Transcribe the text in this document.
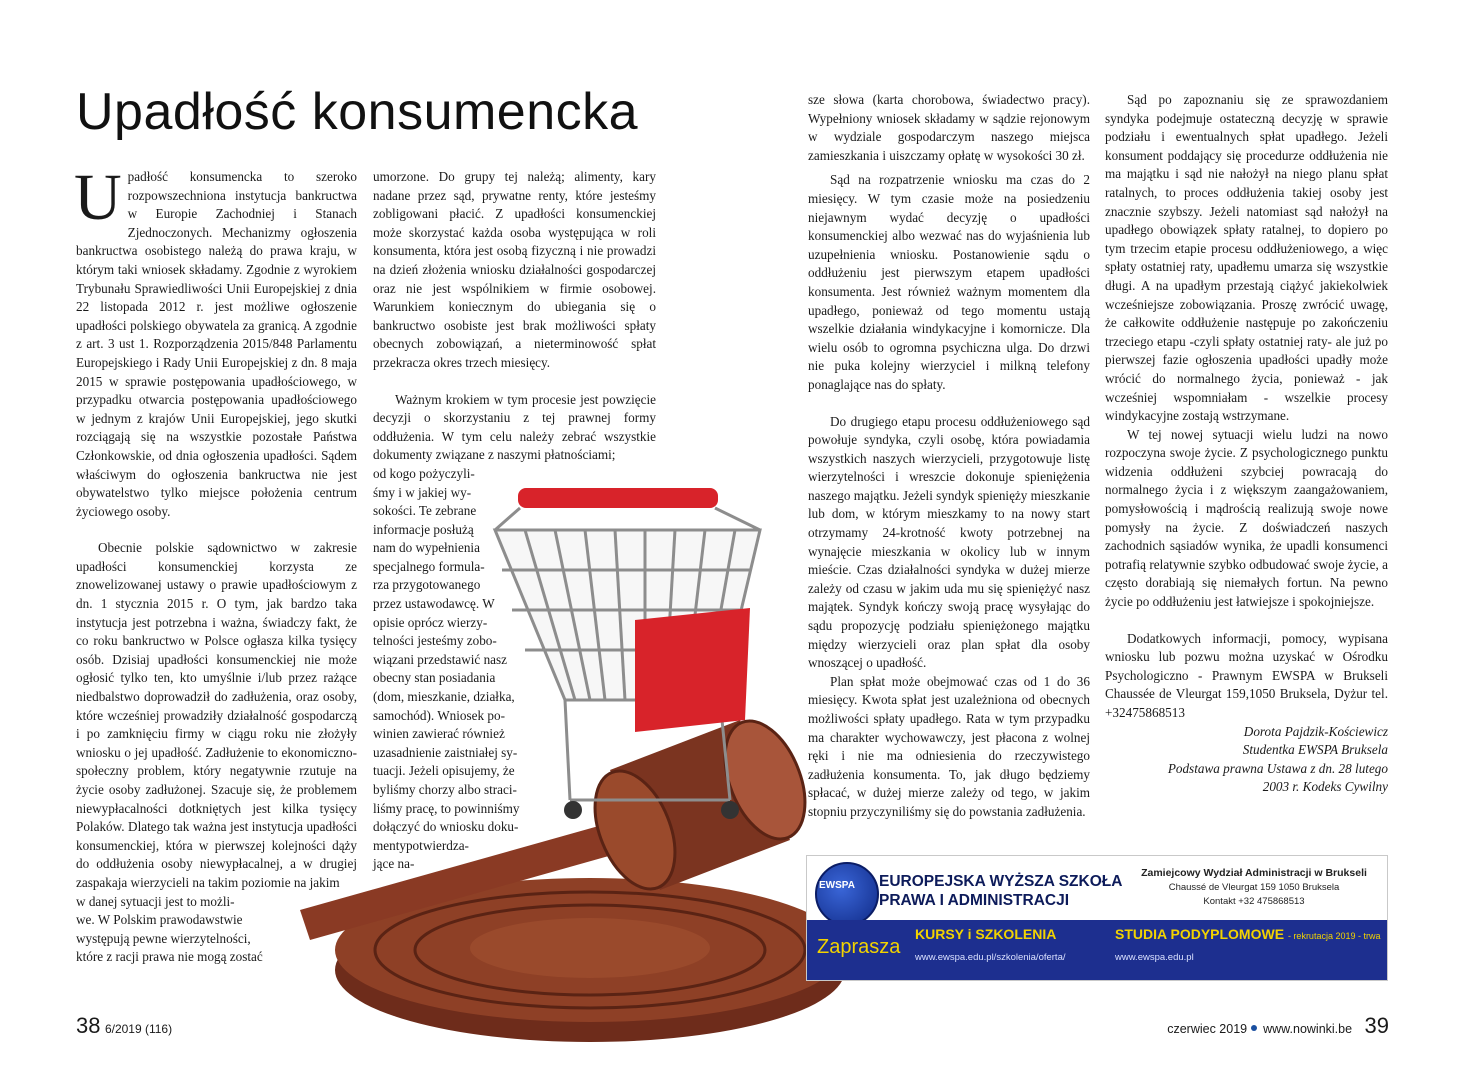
Upadłość konsumencka

Upadłość konsumencka to szeroko rozpowszechniona instytucja bankructwa w Europie Zachodniej i Stanach Zjednoczonych. Mechanizmy ogłoszenia bankructwa osobistego należą do prawa kraju, w którym taki wniosek składamy. Zgodnie z wyrokiem Trybunału Sprawiedliwości Unii Europejskiej z dnia 22 listopada 2012 r. jest możliwe ogłoszenie upadłości polskiego obywatela za granicą. A zgodnie z art. 3 ust 1. Rozporządzenia 2015/848 Parlamentu Europejskiego i Rady Unii Europejskiej z dn. 8 maja 2015 w sprawie postępowania upadłościowego, w przypadku otwarcia postępowania upadłościowego w jednym z krajów Unii Europejskiej, jego skutki rozciągają się na wszystkie pozostałe Państwa Członkowskie, od dnia ogłoszenia upadłości. Sądem właściwym do ogłoszenia bankructwa nie jest obywatelstwo tylko miejsce położenia centrum życiowego osoby.

Obecnie polskie sądownictwo w zakresie upadłości konsumenckiej korzysta ze znowelizowanej ustawy o prawie upadłościowym z dn. 1 stycznia 2015 r. O tym, jak bardzo taka instytucja jest potrzebna i ważna, świadczy fakt, że co roku bankructwo w Polsce ogłasza kilka tysięcy osób. Dzisiaj upadłości konsumenckiej nie może ogłosić tylko ten, kto umyślnie i/lub przez rażące niedbalstwo doprowadził do zadłużenia, oraz osoby, które wcześniej prowadziły działalność gospodarczą i po zamknięciu firmy w ciągu roku nie złożyły wniosku o jej upadłość. Zadłużenie to ekonomiczno-społeczny problem, który negatywnie rzutuje na życie osoby zadłużonej. Szacuje się, że problemem niewypłacalności dotkniętych jest kilka tysięcy Polaków. Dlatego tak ważna jest instytucja upadłości konsumenckiej, która w pierwszej kolejności dąży do oddłużenia osoby niewypłacalnej, a w drugiej zaspakaja wierzycieli na takim poziomie na jakim

w danej sytuacji jest to możli-
we. W Polskim prawodawstwie
występują pewne wierzytelności,
które z racji prawa nie mogą zostać

umorzone. Do grupy tej należą; alimenty, kary nadane przez sąd, prywatne renty, które jesteśmy zobligowani płacić. Z upadłości konsumenckiej może skorzystać każda osoba występująca w roli konsumenta, która jest osobą fizyczną i nie prowadzi na dzień złożenia wniosku działalności gospodarczej oraz nie jest wspólnikiem w firmie osobowej. Warunkiem koniecznym do ubiegania się o bankructwo osobiste jest brak możliwości spłaty obecnych zobowiązań, a nieterminowość spłat przekracza okres trzech miesięcy.

Ważnym krokiem w tym procesie jest powzięcie decyzji o skorzystaniu z tej prawnej formy oddłużenia. W tym celu należy zebrać wszystkie dokumenty związane z naszymi płatnościami;

od kogo pożyczyli-
śmy i w jakiej wy-
sokości. Te zebrane
informacje posłużą
nam do wypełnienia
specjalnego formula-
rza przygotowanego
przez ustawodawcę. W
opisie oprócz wierzy-
telności jesteśmy zobo-
wiązani przedstawić nasz
obecny stan posiadania
(dom, mieszkanie, działka,
samochód). Wniosek po-
winien zawierać również
uzasadnienie zaistniałej sy-
tuacji. Jeżeli opisujemy, że
byliśmy chorzy albo straci-
liśmy pracę, to powinniśmy
dołączyć do wniosku doku-
mentypotwierdza-
jące na-

sze słowa (karta chorobowa, świadectwo pracy). Wypełniony wniosek składamy w sądzie rejonowym w wydziale gospodarczym naszego miejsca zamieszkania i uiszczamy opłatę w wysokości 30 zł.

Sąd na rozpatrzenie wniosku ma czas do 2 miesięcy. W tym czasie może na posiedzeniu niejawnym wydać decyzję o upadłości konsumenckiej albo wezwać nas do wyjaśnienia lub uzupełnienia wniosku. Postanowienie sądu o oddłużeniu jest pierwszym etapem upadłości konsumenta. Jest również ważnym momentem dla upadłego, ponieważ od tego momentu ustają wszelkie działania windykacyjne i komornicze. Dla wielu osób to ogromna psychiczna ulga. Do drzwi nie puka kolejny wierzyciel i milkną telefony ponaglające nas do spłaty.

Do drugiego etapu procesu oddłużeniowego sąd powołuje syndyka, czyli osobę, która powiadamia wszystkich naszych wierzycieli, przygotowuje listę wierzytelności i wreszcie dokonuje spieniężenia naszego majątku. Jeżeli syndyk spienięży mieszkanie lub dom, w którym mieszkamy to na nowy start otrzymamy 24-krotność kwoty potrzebnej na wynajęcie mieszkania w okolicy lub w innym mieście. Czas działalności syndyka w dużej mierze zależy od czasu w jakim uda mu się spieniężyć nasz majątek. Syndyk kończy swoją pracę wysyłając do sądu propozycję podziału spieniężonego majątku między wierzycieli oraz plan spłat dla osoby wnoszącej o upadłość.

Plan spłat może obejmować czas od 1 do 36 miesięcy. Kwota spłat jest uzależniona od obecnych możliwości spłaty upadłego. Rata w tym przypadku ma charakter wychowawczy, jest płacona z wolnej ręki i nie ma odniesienia do rzeczywistego zadłużenia konsumenta. To, jak długo będziemy spłacać, w dużej mierze zależy od tego, w jakim stopniu przyczyniliśmy się do powstania zadłużenia.

Sąd po zapoznaniu się ze sprawozdaniem syndyka podejmuje ostateczną decyzję w sprawie podziału i ewentualnych spłat upadłego. Jeżeli konsument poddający się procedurze oddłużenia nie ma majątku i sąd nie nałożył na niego planu spłat ratalnych, to proces oddłużenia takiej osoby jest znacznie szybszy. Jeżeli natomiast sąd nałożył na upadłego obowiązek spłaty ratalnej, to dopiero po tym trzecim etapie procesu oddłużeniowego, a więc spłaty ostatniej raty, upadłemu umarza się wszystkie długi. A na upadłym przestają ciążyć jakiekolwiek wcześniejsze zobowiązania. Proszę zwrócić uwagę, że całkowite oddłużenie następuje po zakończeniu trzeciego etapu -czyli spłaty ostatniej raty- ale już po pierwszej fazie ogłoszenia upadłości upadły może wrócić do normalnego życia, ponieważ - jak wcześniej wspomniałam - wszelkie procesy windykacyjne zostają wstrzymane.

W tej nowej sytuacji wielu ludzi na nowo rozpoczyna swoje życie. Z psychologicznego punktu widzenia oddłużeni szybciej powracają do normalnego życia i z większym zaangażowaniem, pomysłowością i mądrością realizują swoje nowe pomysły na życie. Z doświadczeń naszych zachodnich sąsiadów wynika, że upadli konsumenci potrafią relatywnie szybko odbudować swoje życie, a często dorabiają się niemałych fortun. Na pewno życie po oddłużeniu jest łatwiejsze i spokojniejsze.

Dodatkowych informacji, pomocy, wypisana wniosku lub pozwu można uzyskać w Ośrodku Psychologiczno - Prawnym EWSPA w Brukseli Chaussée de Vleurgat 159,1050 Bruksela, Dyżur tel. +32475868513

Dorota Pajdzik-Kościewicz

Studentka EWSPA Bruksela

Podstawa prawna Ustawa z dn. 28 lutego

2003 r. Kodeks Cywilny

EWSPA EUROPEJSKA WYŻSZA SZKOŁA
PRAWA I ADMINISTRACJI
Zamiejcowy Wydział Administracji w Brukseli
Chaussé de Vleurgat 159 1050 Bruksela
Kontakt +32 475868513
Zaprasza
KURSY i SZKOLENIA
www.ewspa.edu.pl/szkolenia/oferta/
STUDIA PODYPLOMOWE - rekrutacja 2019 - trwa
www.ewspa.edu.pl
38 6/2019 (116)	czerwiec 2019 www.nowinki.be 39
